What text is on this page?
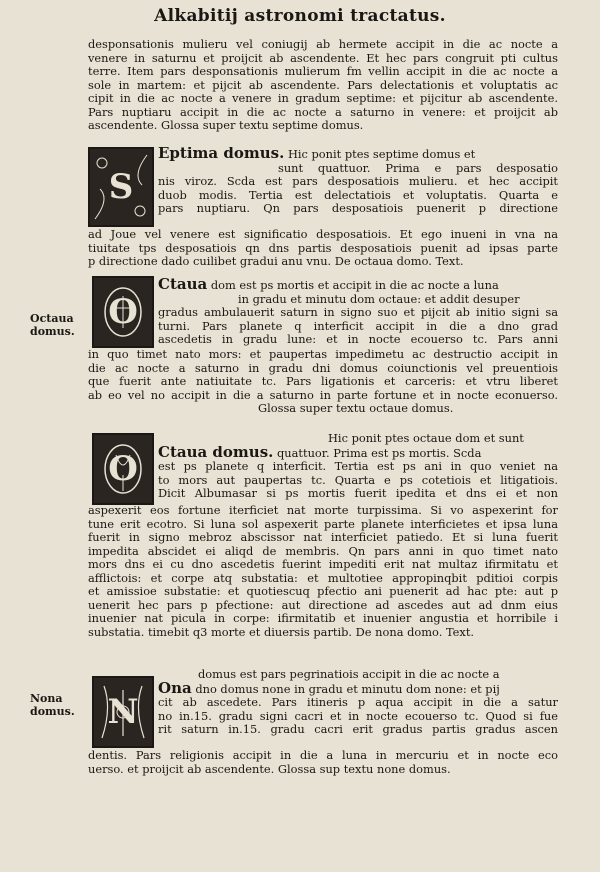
Alkabitij astronomi tractatus.
desponsationis mulieru vel coniugij ab hermete accipit in die ac nocte a
venere in saturnu et proijcit ab ascendente. Et hec pars congruit pti cultus
terre. Item pars desponsationis mulierum fm vellin accipit in die ac nocte a
sole in martem: et pijcit ab ascendente. Pars delectationis et voluptatis ac
cipit in die ac nocte a venere in gradum septime: et pijcitur ab ascendente.
Pars nuptiaru accipit in die ac nocte a saturno in venere: et proijcit ab
ascendente. Glossa super textu septime domus.
S
Eptima domus. Hic ponit ptes septime domus et
sunt quattuor. Prima e pars desposatio
nis viroz. Scda est pars desposatiois mulieru. et hec accipit
duob modis. Tertia est delectatiois et voluptatis. Quarta e
pars nuptiaru. Qn pars desposatiois puenerit p directione
ad Joue vel venere est significatio desposatiois. Et ego inueni in vna na
tiuitate tps desposatiois qn dns partis desposatiois puenit ad ipsas parte
p directione dado cuilibet gradui anu vnu. De octaua domo. Text.
Octaua domus. O
Ctaua dom est ps mortis et accipit in die ac nocte a luna
in gradu et minutu dom octaue: et addit desuper
gradus ambulauerit saturn in signo suo et pijcit ab initio signi sa
turni. Pars planete q interficit accipit in die a dno grad
ascedetis in gradu lune: et in nocte ecouerso tc. Pars anni
in quo timet nato mors: et paupertas impedimetu ac destructio accipit in
die ac nocte a saturno in gradu dni domus coiunctionis vel preuentiois
que fuerit ante natiuitate tc. Pars ligationis et carceris: et vtru liberet
ab eo vel no accipit in die a saturno in parte fortune et in nocte econuerso.
Glossa super textu octaue domus.
O
Hic ponit ptes octaue dom et sunt
Ctaua domus. quattuor. Prima est ps mortis. Scda
est ps planete q interficit. Tertia est ps ani in quo veniet na
to mors aut paupertas tc. Quarta e ps cotetiois et litigatiois.
Dicit Albumasar si ps mortis fuerit ipedita et dns ei et non
aspexerit eos fortune iterficiet nat morte turpissima. Si vo aspexerint for
tune erit ecotro. Si luna sol aspexerit parte planete interficietes et ipsa luna
fuerit in signo mebroz abscissor nat interficiet patiedo. Et si luna fuerit
impedita abscidet ei aliqd de membris. Qn pars anni in quo timet nato
mors dns ei cu dno ascedetis fuerint impediti erit nat multaz ifirmitatu et
afflictois: et corpe atq substatia: et multotiee appropinqbit pditioi corpis
et amissioe substatie: et quotiescuq pfectio ani puenerit ad hac pte: aut p
uenerit hec pars p pfectione: aut directione ad ascedes aut ad dnm eius
inuenier nat picula in corpe: ifirmitatib et inuenier angustia et horribile i
substatia. timebit q3 morte et diuersis partib. De nona domo. Text.
Nona domus. N
domus est pars pegrinatiois accipit in die ac nocte a
Ona dno domus none in gradu et minutu dom none: et pij
cit ab ascedete. Pars itineris p aqua accipit in die a satur
no in.15. gradu signi cacri et in nocte ecouerso tc. Quod si fue
rit saturn in.15. gradu cacri erit gradus partis gradus ascen
dentis. Pars religionis accipit in die a luna in mercuriu et in nocte eco
uerso. et proijcit ab ascendente. Glossa sup textu none domus.
